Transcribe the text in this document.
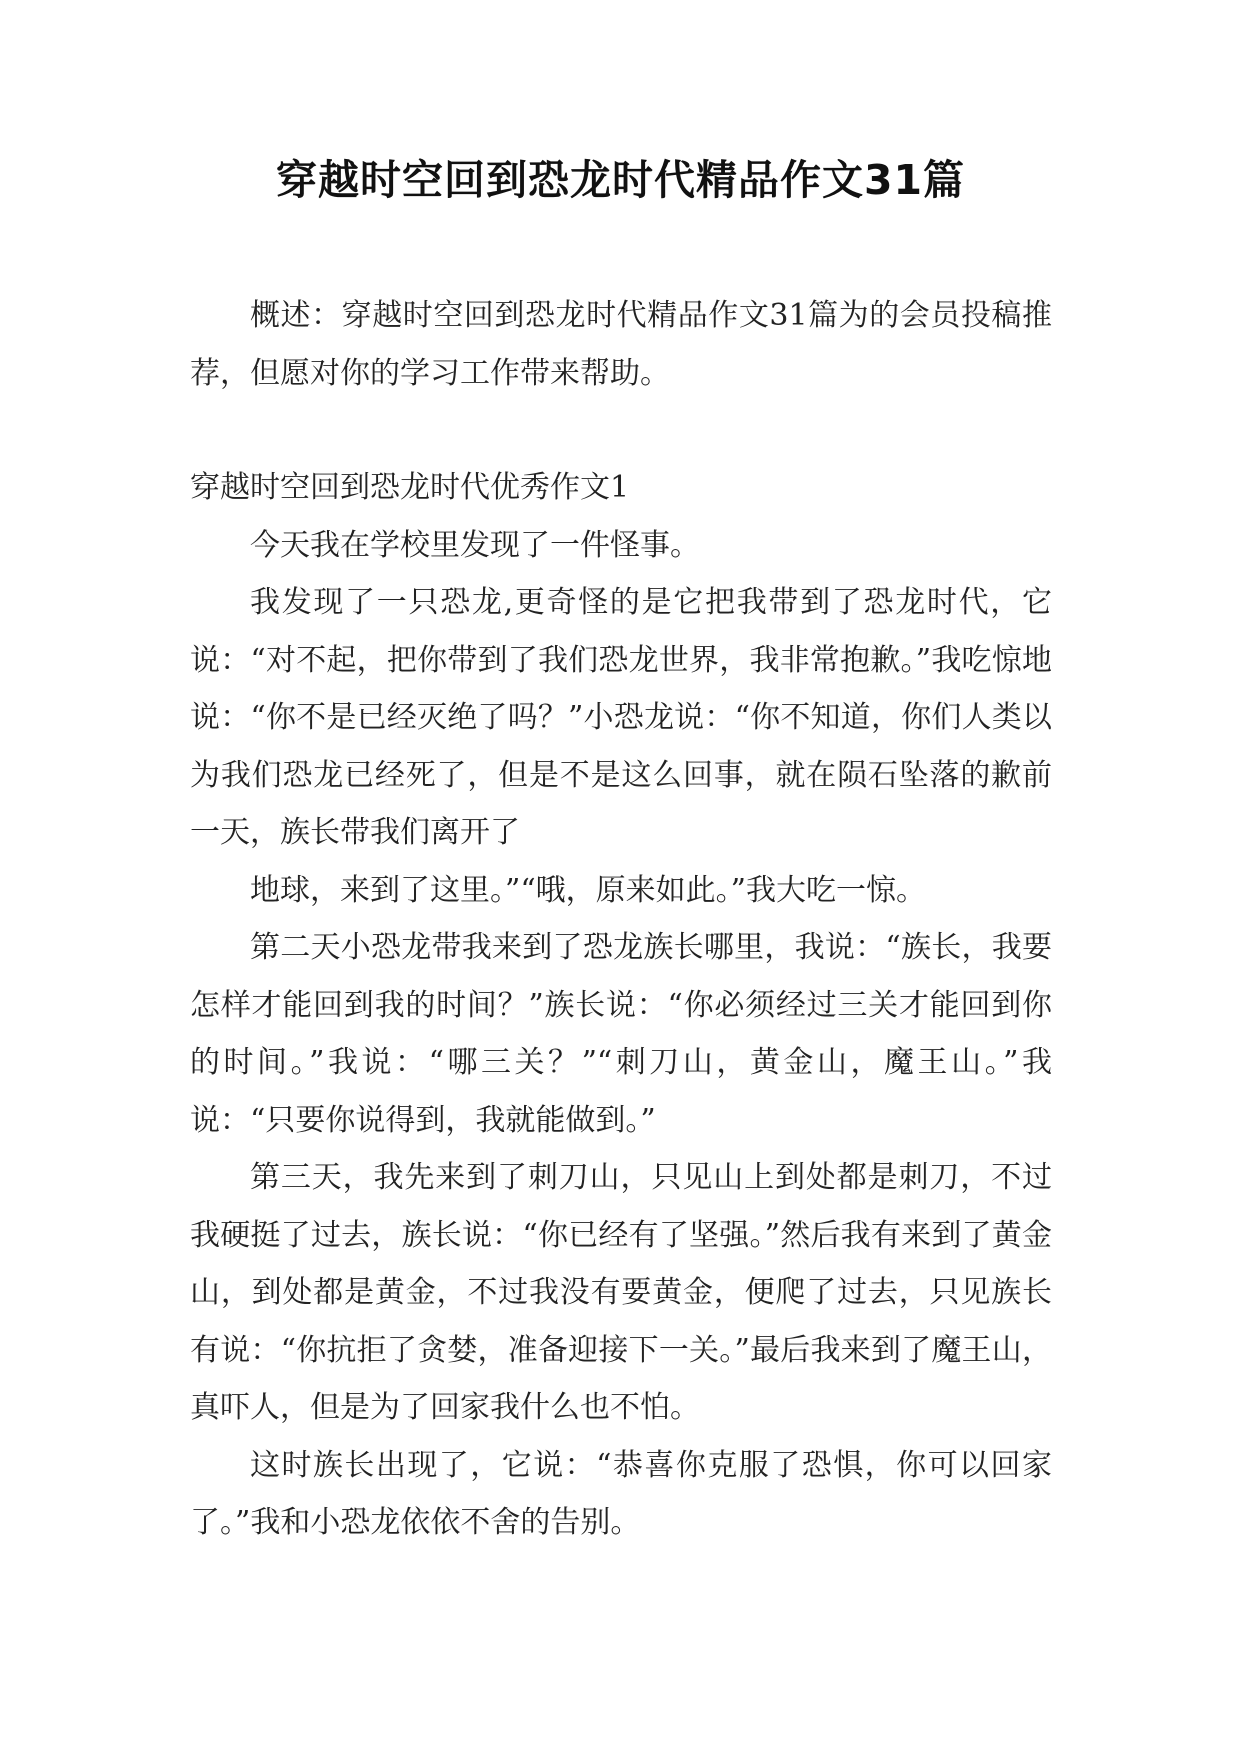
穿越时空回到恐龙时代精品作文31篇

概述：穿越时空回到恐龙时代精品作文31篇为的会员投稿推荐，但愿对你的学习工作带来帮助。

穿越时空回到恐龙时代优秀作文1

今天我在学校里发现了一件怪事。

我发现了一只恐龙,更奇怪的是它把我带到了恐龙时代，它说：“对不起，把你带到了我们恐龙世界，我非常抱歉。”我吃惊地说：“你不是已经灭绝了吗？”小恐龙说：“你不知道，你们人类以为我们恐龙已经死了，但是不是这么回事，就在陨石坠落的歉前一天，族长带我们离开了

地球，来到了这里。”“哦，原来如此。”我大吃一惊。

第二天小恐龙带我来到了恐龙族长哪里，我说：“族长，我要怎样才能回到我的时间？”族长说：“你必须经过三关才能回到你的时间。”我说：“哪三关？”“刺刀山，黄金山，魔王山。”我说：“只要你说得到，我就能做到。”

第三天，我先来到了刺刀山，只见山上到处都是刺刀，不过我硬挺了过去，族长说：“你已经有了坚强。”然后我有来到了黄金山，到处都是黄金，不过我没有要黄金，便爬了过去，只见族长有说：“你抗拒了贪婪，准备迎接下一关。”最后我来到了魔王山，真吓人，但是为了回家我什么也不怕。

这时族长出现了，它说：“恭喜你克服了恐惧，你可以回家了。”我和小恐龙依依不舍的告别。
